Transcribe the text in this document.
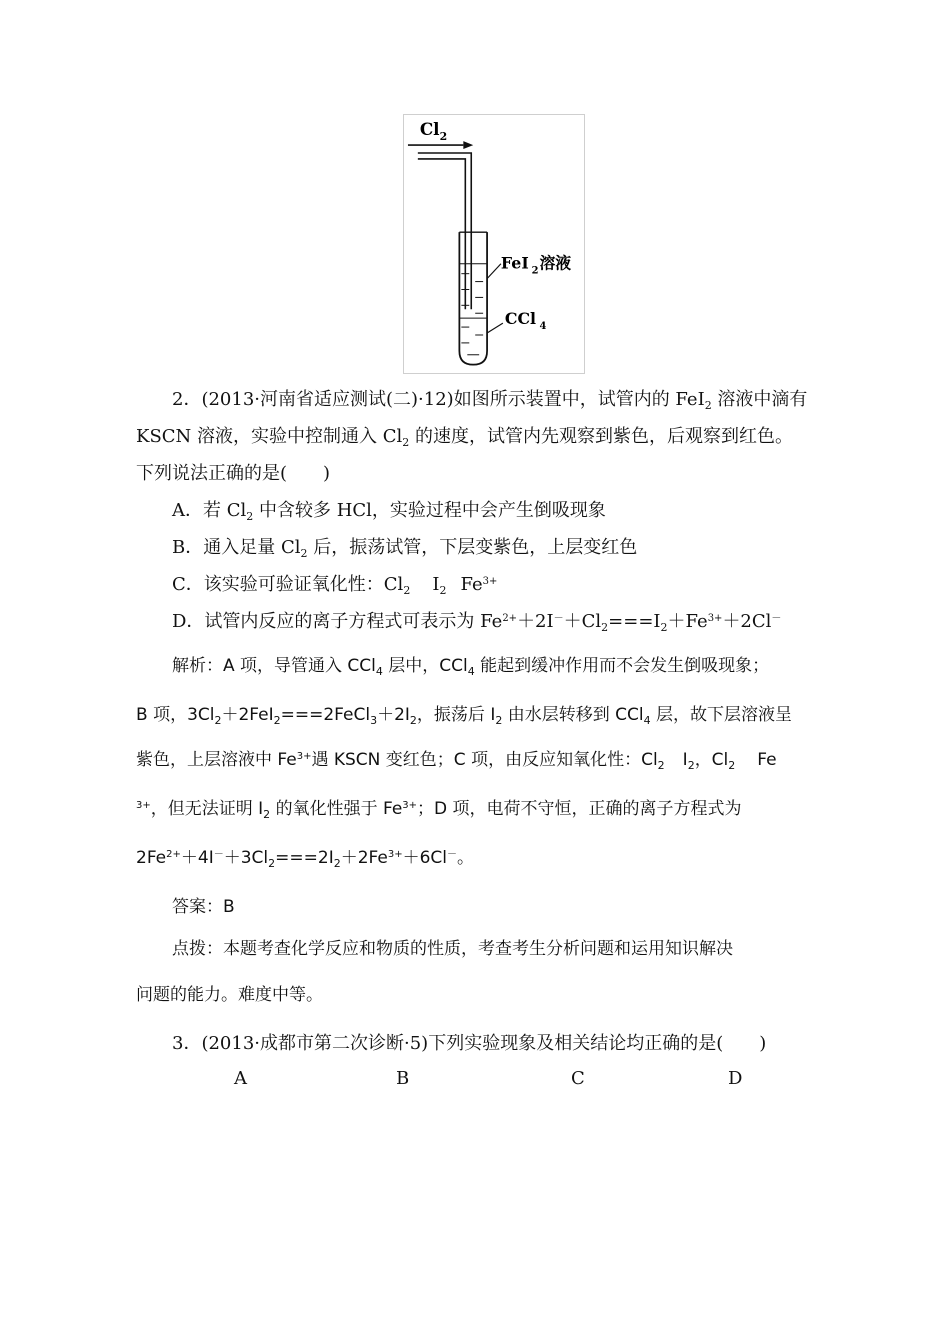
Cl 2
FeI 2 溶液
CCl 4
2．(2013·河南省适应测试(二)·12)如图所示装置中，试管内的 FeI$_2$ 溶液中滴有
KSCN 溶液，实验中控制通入 $Cl_2$ 的速度，试管内先观察到紫色，后观察到红色。
下列说法正确的是(　　)
A．若 $Cl_2$ 中含较多 HCl，实验过程中会产生倒吸现象
B．通入足量 $Cl_2$ 后，振荡试管，下层变紫色，上层变红色
C．该实验可验证氧化性：$Cl_2$ $I_2$ $Fe^{3+}$
D．试管内反应的离子方程式可表示为 $Fe^{2+}+2I^-+Cl_2===I_2+Fe^{3+}+2Cl^-$
解析：A 项，导管通入 CCl$_4$ 层中，CCl$_4$ 能起到缓冲作用而不会发生倒吸现象；
B 项，$3Cl_2+2FeI_2===2FeCl_3+2I_2$，振荡后 $I_2$ 由水层转移到 CCl$_4$ 层，故下层溶液呈
紫色，上层溶液中 $Fe^{3+}$遇 KSCN 变红色；C 项，由反应知氧化性：$Cl_2$ $I_2$，$Cl_2$ Fe
$^{3+}$，但无法证明 $I_2$ 的氧化性强于 $Fe^{3+}$；D 项，电荷不守恒，正确的离子方程式为
$2Fe^{2+}+4I^-+3Cl_2===2I_2+2Fe^{3+}+6Cl^-$。
答案：B
点拨：本题考查化学反应和物质的性质，考查考生分析问题和运用知识解决
问题的能力。难度中等。
3．(2013·成都市第二次诊断·5)下列实验现象及相关结论均正确的是(　　)
A	B	C	D
